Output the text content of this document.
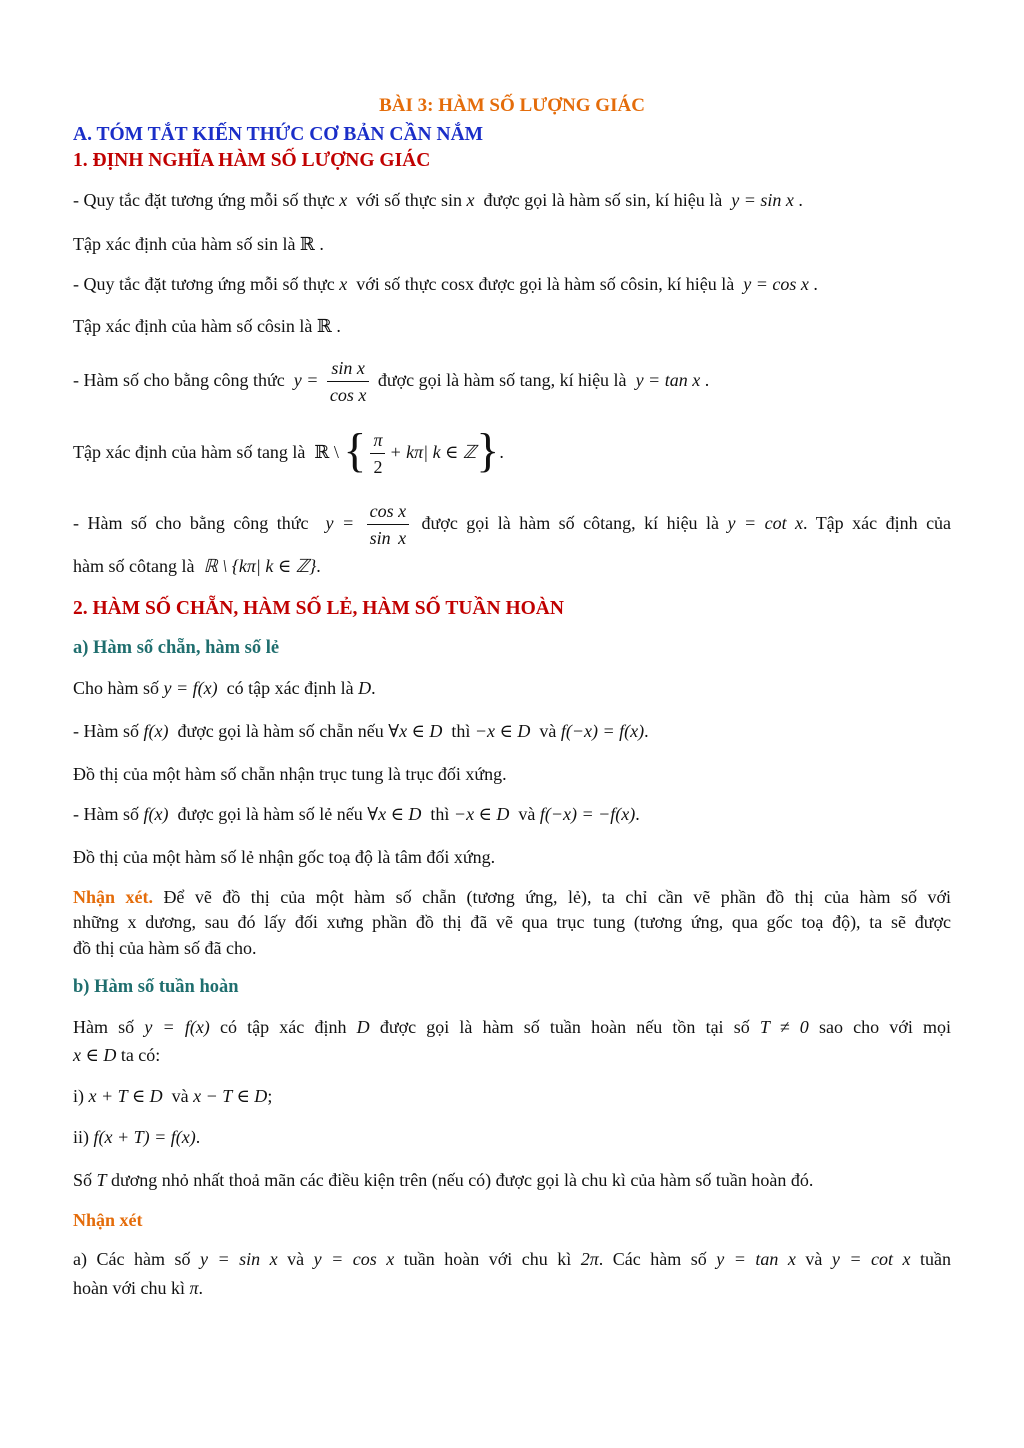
BÀI 3: HÀM SỐ LƯỢNG GIÁC
A. TÓM TẮT KIẾN THỨC CƠ BẢN CẦN NẮM
1. ĐỊNH NGHĨA HÀM SỐ LƯỢNG GIÁC
- Quy tắc đặt tương ứng mỗi số thực x với số thực sin x được gọi là hàm số sin, kí hiệu là y = sin x .
Tập xác định của hàm số sin là ℝ .
- Quy tắc đặt tương ứng mỗi số thực x với số thực cosx được gọi là hàm số côsin, kí hiệu là y = cos x .
Tập xác định của hàm số côsin là ℝ .
- Hàm số cho bằng công thức $y = \frac{\text{sin x}}{\text{cos x}}$ được gọi là hàm số tang, kí hiệu là y = tan x .
Tập xác định của hàm số tang là ℝ \ { $\frac{\pi}{2} + k\pi|$ k ∈ ℤ}.
- Hàm số cho bằng công thức $y = \frac{\text{cos x}}{\text{sin x}}$ được gọi là hàm số côtang, kí hiệu là y = cot x. Tập xác định của
hàm số côtang là ℝ \ {kπ| k ∈ ℤ}.
2. HÀM SỐ CHẴN, HÀM SỐ LẺ, HÀM SỐ TUẦN HOÀN
a) Hàm số chẵn, hàm số lẻ
Cho hàm số y = f(x) có tập xác định là D.
- Hàm số f(x) được gọi là hàm số chẵn nếu ∀x ∈ D thì −x ∈ D và f(−x) = f(x).
Đồ thị của một hàm số chẵn nhận trục tung là trục đối xứng.
- Hàm số f(x) được gọi là hàm số lẻ nếu ∀x ∈ D thì −x ∈ D và f(−x) = −f(x).
Đồ thị của một hàm số lẻ nhận gốc toạ độ là tâm đối xứng.
Nhận xét. Để vẽ đồ thị của một hàm số chẵn (tương ứng, lẻ), ta chỉ cần vẽ phần đồ thị của hàm số với
những x dương, sau đó lấy đối xưng phần đồ thị đã vẽ qua trục tung (tương ứng, qua gốc toạ độ), ta sẽ được
đồ thị của hàm số đã cho.
b) Hàm số tuần hoàn
Hàm số y = f(x) có tập xác định D được gọi là hàm số tuần hoàn nếu tồn tại số T ≠ 0 sao cho với mọi
x ∈ D ta có:
i) x + T ∈ D và x − T ∈ D;
ii) f(x + T) = f(x).
Số T dương nhỏ nhất thoả mãn các điều kiện trên (nếu có) được gọi là chu kì của hàm số tuần hoàn đó.
Nhận xét
a) Các hàm số y = sin x và y = cos x tuần hoàn với chu kì 2π. Các hàm số y = tan x và y = cot x tuần
hoàn với chu kì π.
